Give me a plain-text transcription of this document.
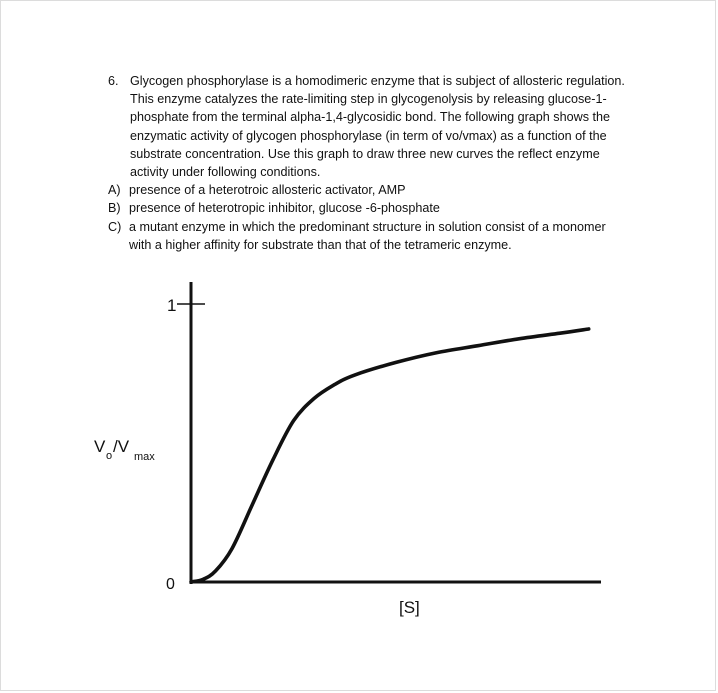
6. Glycogen phosphorylase is a homodimeric enzyme that is subject of allosteric regulation. This enzyme catalyzes the rate-limiting step in glycogenolysis by releasing glucose-1-phosphate from the terminal alpha-1,4-glycosidic bond. The following graph shows the enzymatic activity of glycogen phosphorylase (in term of vo/vmax) as a function of the substrate concentration. Use this graph to draw three new curves the reflect enzyme activity under following conditions.
A) presence of a heterotroic allosteric activator, AMP
B) presence of heterotropic inhibitor, glucose -6-phosphate
C) a mutant enzyme in which the predominant structure in solution consist of a monomer with a higher affinity for substrate than that of the tetrameric enzyme.
1
0
V o /V
max
[S]
